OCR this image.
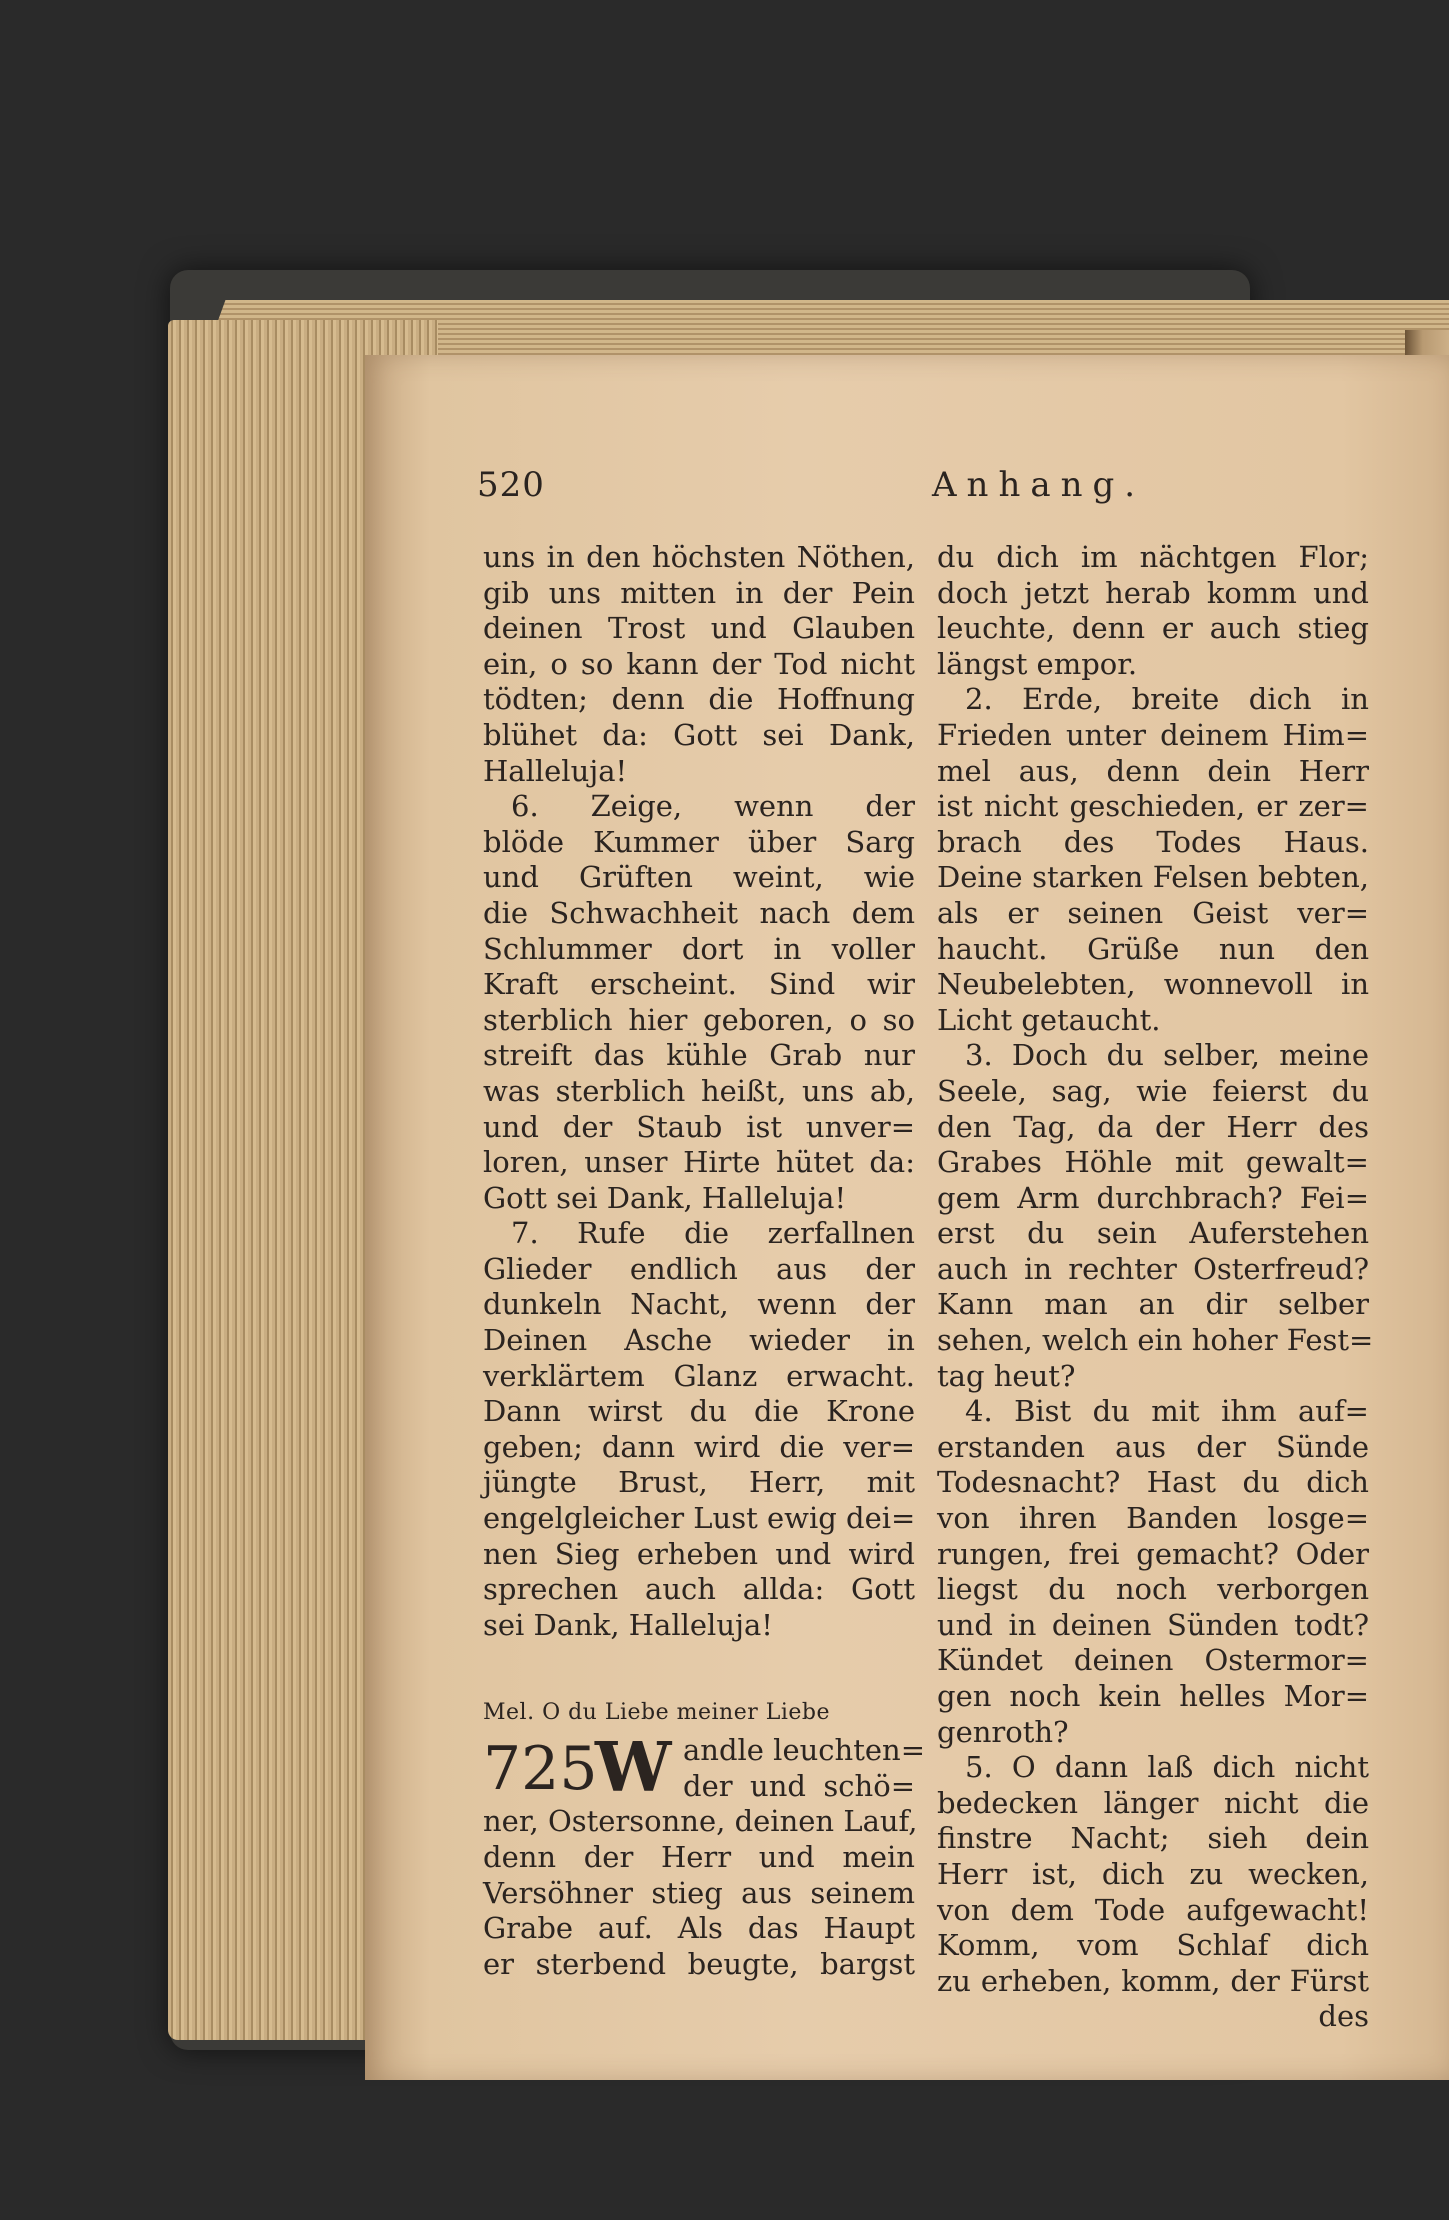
520	Anhang.
uns in den höchsten Nöthen,
gib uns mitten in der Pein
deinen Trost und Glauben
ein, o so kann der Tod nicht
tödten; denn die Hoffnung
blühet da: Gott sei Dank,
Halleluja!
6. Zeige, wenn der
blöde Kummer über Sarg
und Grüften weint, wie
die Schwachheit nach dem
Schlummer dort in voller
Kraft erscheint. Sind wir
sterblich hier geboren, o so
streift das kühle Grab nur
was sterblich heißt, uns ab,
und der Staub ist unver=
loren, unser Hirte hütet da:
Gott sei Dank, Halleluja!
7. Rufe die zerfallnen
Glieder endlich aus der
dunkeln Nacht, wenn der
Deinen Asche wieder in
verklärtem Glanz erwacht.
Dann wirst du die Krone
geben; dann wird die ver=
jüngte Brust, Herr, mit
engelgleicher Lust ewig dei=
nen Sieg erheben und wird
sprechen auch allda: Gott
sei Dank, Halleluja!
Mel. O du Liebe meiner Liebe
725
W andle leuchten=
der und schö=
ner, Ostersonne, deinen Lauf,
denn der Herr und mein
Versöhner stieg aus seinem
Grabe auf. Als das Haupt
er sterbend beugte, bargst
du dich im nächtgen Flor;
doch jetzt herab komm und
leuchte, denn er auch stieg
längst empor.
2. Erde, breite dich in
Frieden unter deinem Him=
mel aus, denn dein Herr
ist nicht geschieden, er zer=
brach des Todes Haus.
Deine starken Felsen bebten,
als er seinen Geist ver=
haucht. Grüße nun den
Neubelebten, wonnevoll in
Licht getaucht.
3. Doch du selber, meine
Seele, sag, wie feierst du
den Tag, da der Herr des
Grabes Höhle mit gewalt=
gem Arm durchbrach? Fei=
erst du sein Auferstehen
auch in rechter Osterfreud?
Kann man an dir selber
sehen, welch ein hoher Fest=
tag heut?
4. Bist du mit ihm auf=
erstanden aus der Sünde
Todesnacht? Hast du dich
von ihren Banden losge=
rungen, frei gemacht? Oder
liegst du noch verborgen
und in deinen Sünden todt?
Kündet deinen Ostermor=
gen noch kein helles Mor=
genroth?
5. O dann laß dich nicht
bedecken länger nicht die
finstre Nacht; sieh dein
Herr ist, dich zu wecken,
von dem Tode aufgewacht!
Komm, vom Schlaf dich
zu erheben, komm, der Fürst
des
